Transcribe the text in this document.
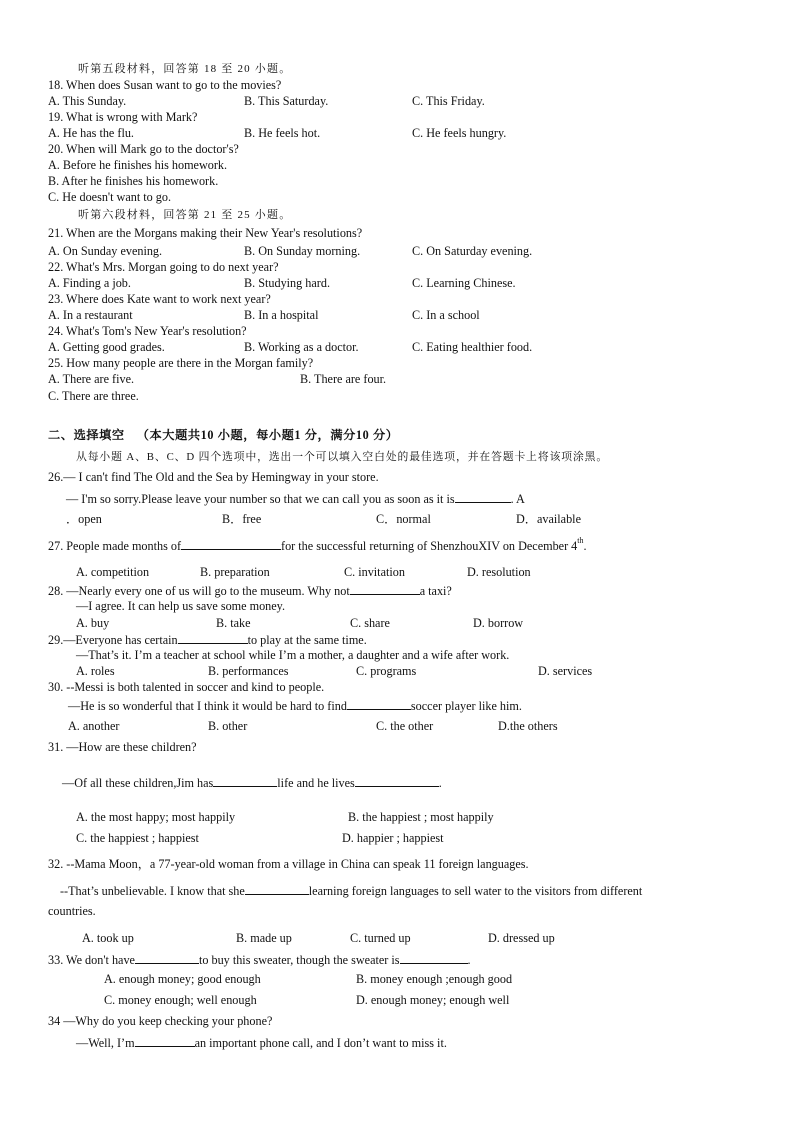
听第五段材料，回答第 18 至 20 小题。
18. When does Susan want to go to the movies?
A. This Sunday.	B. This Saturday.	C. This Friday.
19. What is wrong with Mark?
A. He has the flu.	B. He feels hot.	C. He feels hungry.
20. When will Mark go to the doctor's?
A. Before he finishes his homework.
B. After he finishes his homework.
C. He doesn't want to go.
听第六段材料，回答第 21 至 25 小题。
21. When are the Morgans making their New Year's resolutions?
A. On Sunday evening.	B. On Sunday morning.	C. On Saturday evening.
22. What's Mrs. Morgan going to do next year?
A. Finding a job.	B. Studying hard.	C. Learning Chinese.
23. Where does Kate want to work next year?
A. In a restaurant	B. In a hospital	C. In a school
24. What's Tom's New Year's resolution?
A. Getting good grades.	B. Working as a doctor.	C. Eating healthier food.
25. How many people are there in the Morgan family?
A. There are five.	B. There are four.
C. There are three.
二、选择填空 （本大题共10 小题，每小题1 分，满分10 分）
从每小题 A、B、C、D 四个选项中，选出一个可以填入空白处的最佳选项，并在答题卡上将该项涂黑。
26.— I can't find The Old and the Sea by Hemingway in your store.
— I'm so sorry.Please leave your number so that we can call you as soon as it is	. A
．open	B．free	C．normal	D．available
27. People made months of	for the successful returning of ShenzhouXIV on December 4th.
A. competition	B. preparation	C. invitation	D. resolution
28. —Nearly every one of us will go to the museum. Why not	a taxi?
—I agree. It can help us save some money.
A. buy	B. take	C. share	D. borrow
29.—Everyone has certain	to play at the same time.
—That’s it. I’m a teacher at school while I’m a mother, a daughter and a wife after work.
A. roles	B. performances	C. programs	D. services
30. --Messi is both talented in soccer and kind to people.
—He is so wonderful that I think it would be hard to find	soccer player like him.
A. another	B. other	C. the other	D.the others
31. —How are these children?
—Of all these children,Jim has	life and he lives	.
A. the most happy; most happily	B. the happiest ; most happily
C. the happiest ; happiest	D. happier ; happiest
32. --Mama Moon，a 77-year-old woman from a village in China can speak 11 foreign languages.
--That’s unbelievable. I know that she	learning foreign languages to sell water to the visitors from different
countries.
A. took up	B. made up	C. turned up	D. dressed up
33. We don't have	to buy this sweater, though the sweater is	.
A. enough money; good enough	B. money enough ;enough good
C. money enough; well enough	D. enough money; enough well
34 —Why do you keep checking your phone?
—Well, I’m	an important phone call, and I don’t want to miss it.
